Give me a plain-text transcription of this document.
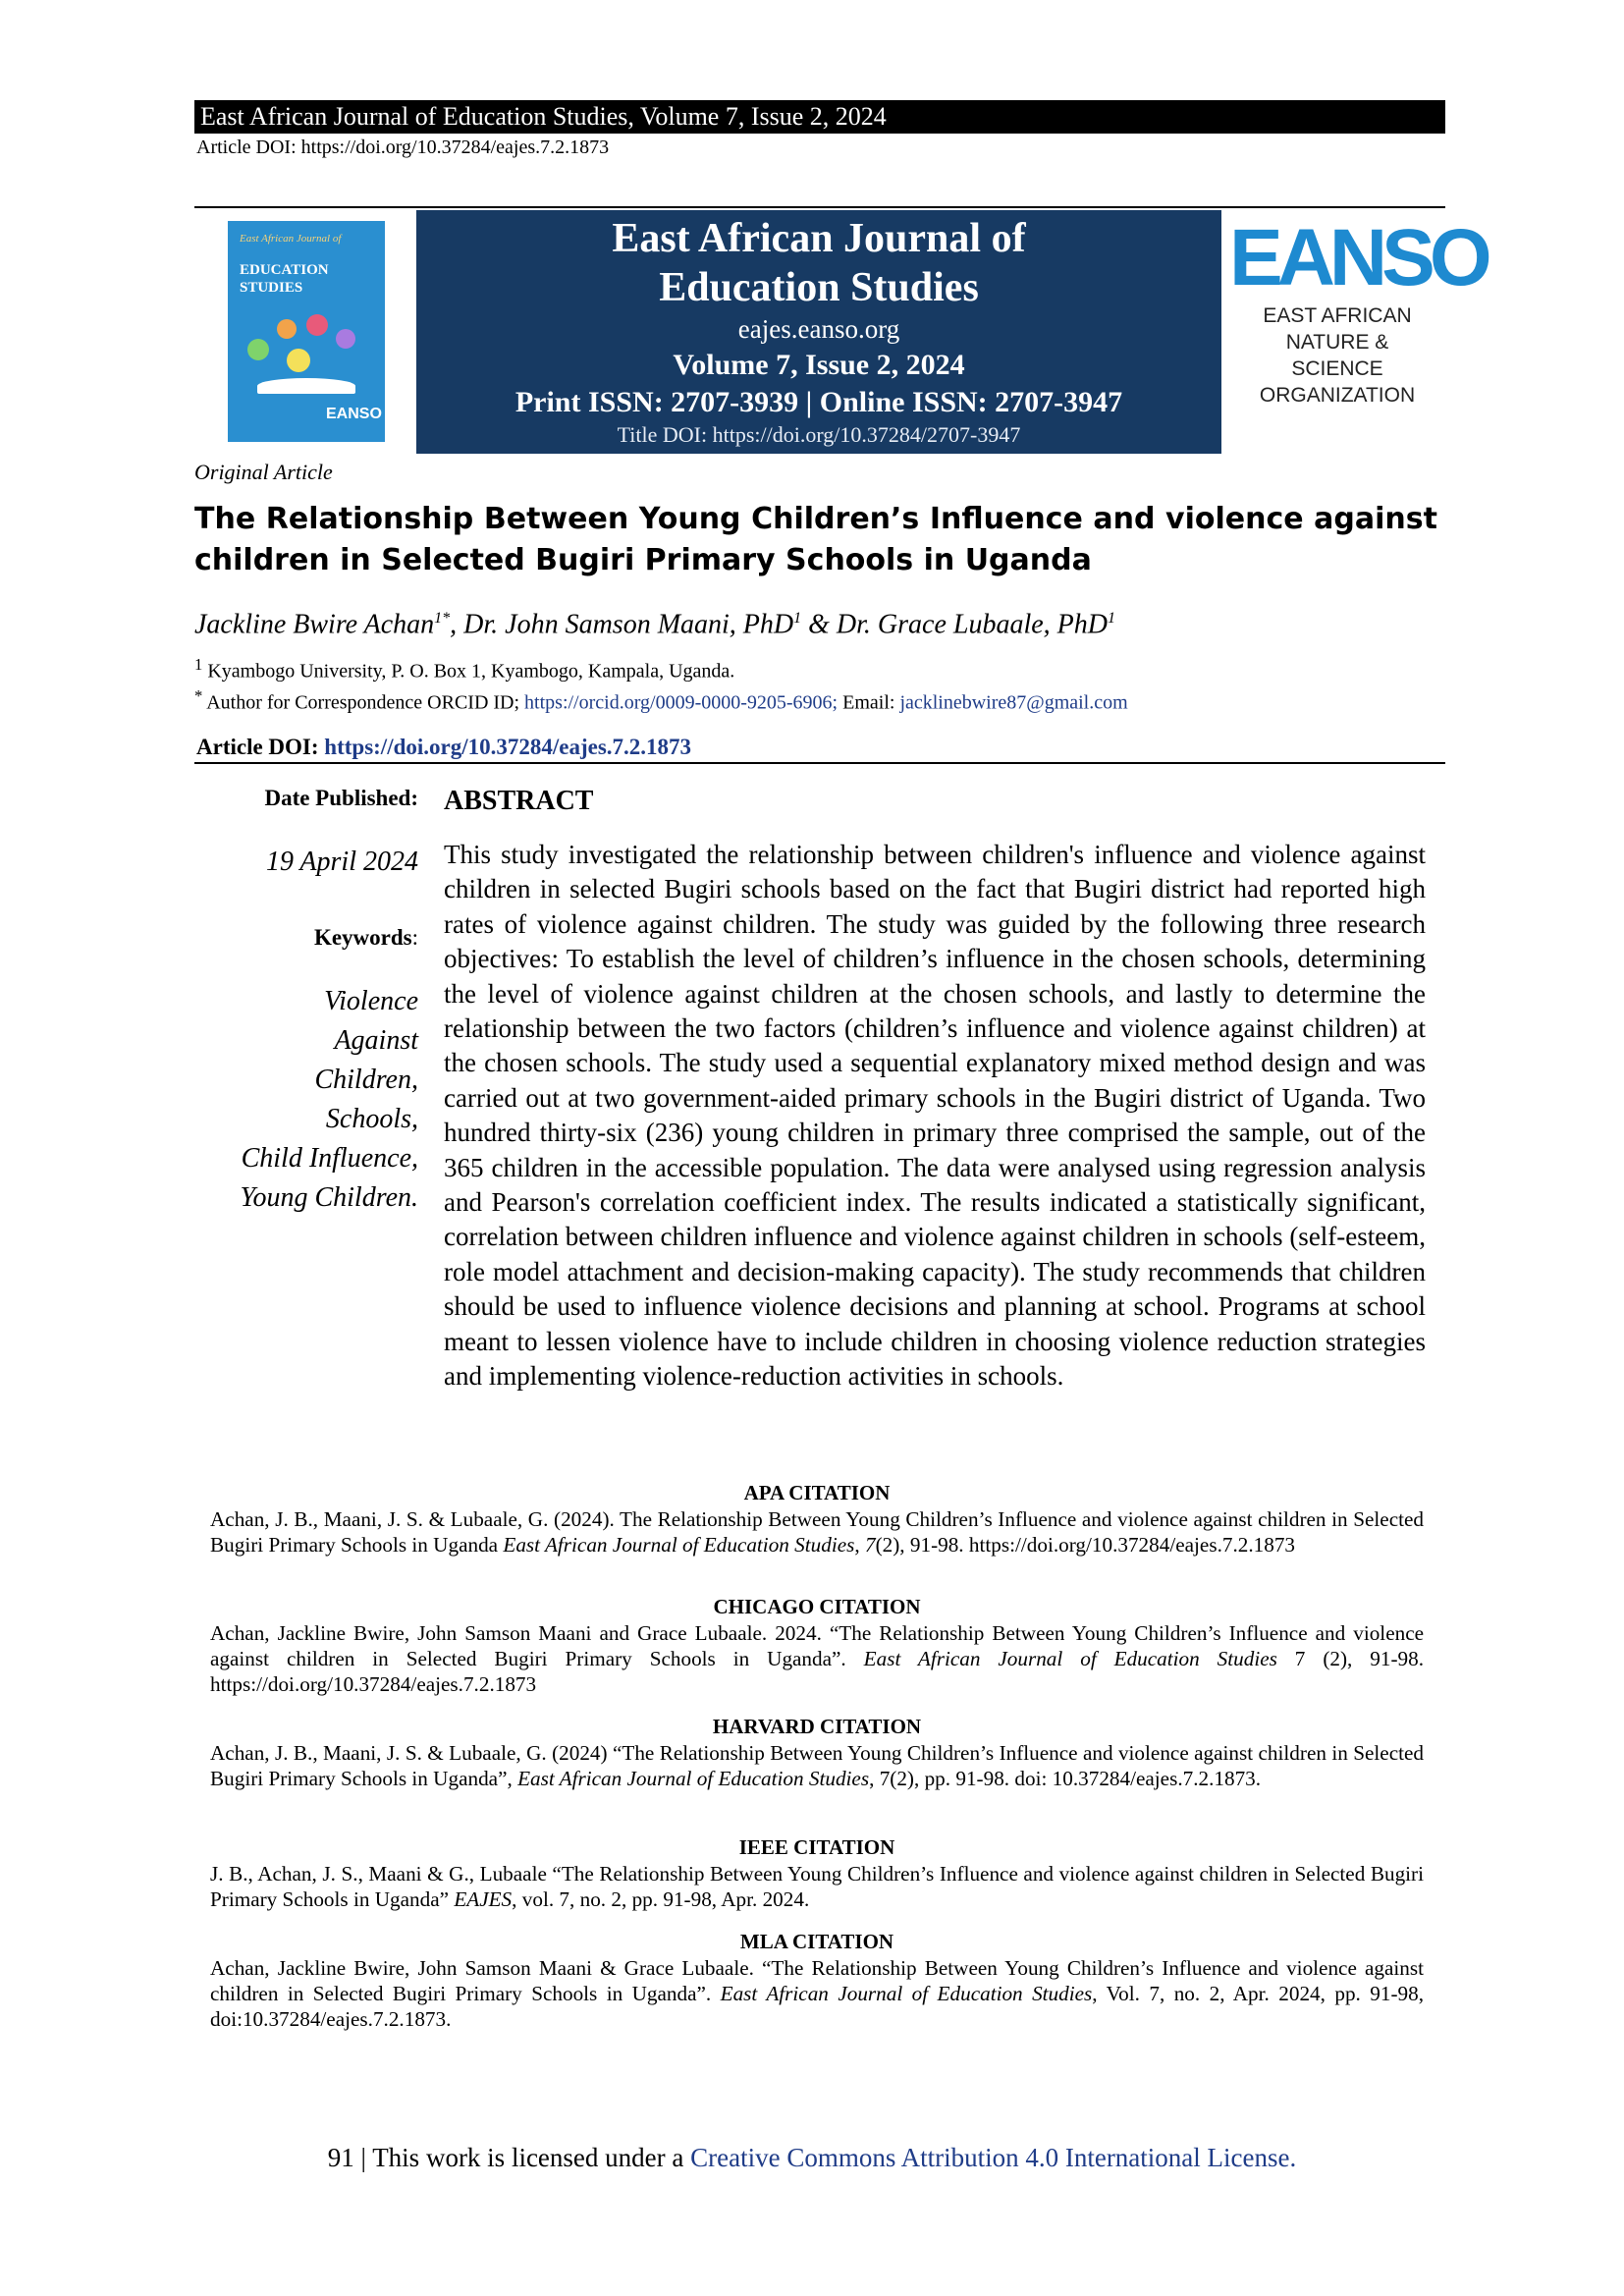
East African Journal of Education Studies, Volume 7, Issue 2, 2024
Article DOI: https://doi.org/10.37284/eajes.7.2.1873
East African Journal of
EDUCATION
STUDIES
EANSO
East African Journal of Education Studies
eajes.eanso.org
Volume 7, Issue 2, 2024
Print ISSN: 2707-3939 | Online ISSN: 2707-3947
Title DOI: https://doi.org/10.37284/2707-3947
EANSO
EAST AFRICAN
NATURE &
SCIENCE
ORGANIZATION
Original Article
The Relationship Between Young Children’s Influence and violence against children in Selected Bugiri Primary Schools in Uganda
Jackline Bwire Achan$^{1*}$, Dr. John Samson Maani, PhD$^1$ & Dr. Grace Lubaale, PhD$^1$
$^1$ Kyambogo University, P. O. Box 1, Kyambogo, Kampala, Uganda.
* Author for Correspondence ORCID ID; https://orcid.org/0009-0000-9205-6906; Email: jacklinebwire87@gmail.com
Article DOI: https://doi.org/10.37284/eajes.7.2.1873
Date Published:
19 April 2024
Keywords:
Violence
Against
Children,
Schools,
Child Influence,
Young Children.
ABSTRACT
This study investigated the relationship between children's influence and violence against children in selected Bugiri schools based on the fact that Bugiri district had reported high rates of violence against children. The study was guided by the following three research objectives: To establish the level of children’s influence in the chosen schools, determining the level of violence against children at the chosen schools, and lastly to determine the relationship between the two factors (children’s influence and violence against children) at the chosen schools. The study used a sequential explanatory mixed method design and was carried out at two government-aided primary schools in the Bugiri district of Uganda. Two hundred thirty-six (236) young children in primary three comprised the sample, out of the 365 children in the accessible population. The data were analysed using regression analysis and Pearson's correlation coefficient index. The results indicated a statistically significant, correlation between children influence and violence against children in schools (self-esteem, role model attachment and decision-making capacity). The study recommends that children should be used to influence violence decisions and planning at school. Programs at school meant to lessen violence have to include children in choosing violence reduction strategies and implementing violence-reduction activities in schools.
APA CITATION
Achan, J. B., Maani, J. S. & Lubaale, G. (2024). The Relationship Between Young Children’s Influence and violence against children in Selected Bugiri Primary Schools in Uganda East African Journal of Education Studies, 7(2), 91-98. https://doi.org/10.37284/eajes.7.2.1873
CHICAGO CITATION
Achan, Jackline Bwire, John Samson Maani and Grace Lubaale. 2024. “The Relationship Between Young Children’s Influence and violence against children in Selected Bugiri Primary Schools in Uganda”. East African Journal of Education Studies 7 (2), 91-98. https://doi.org/10.37284/eajes.7.2.1873
HARVARD CITATION
Achan, J. B., Maani, J. S. & Lubaale, G. (2024) “The Relationship Between Young Children’s Influence and violence against children in Selected Bugiri Primary Schools in Uganda”, East African Journal of Education Studies, 7(2), pp. 91-98. doi: 10.37284/eajes.7.2.1873.
IEEE CITATION
J. B., Achan, J. S., Maani & G., Lubaale “The Relationship Between Young Children’s Influence and violence against children in Selected Bugiri Primary Schools in Uganda” EAJES, vol. 7, no. 2, pp. 91-98, Apr. 2024.
MLA CITATION
Achan, Jackline Bwire, John Samson Maani & Grace Lubaale. “The Relationship Between Young Children’s Influence and violence against children in Selected Bugiri Primary Schools in Uganda”. East African Journal of Education Studies, Vol. 7, no. 2, Apr. 2024, pp. 91-98, doi:10.37284/eajes.7.2.1873.
91 | This work is licensed under a Creative Commons Attribution 4.0 International License.
